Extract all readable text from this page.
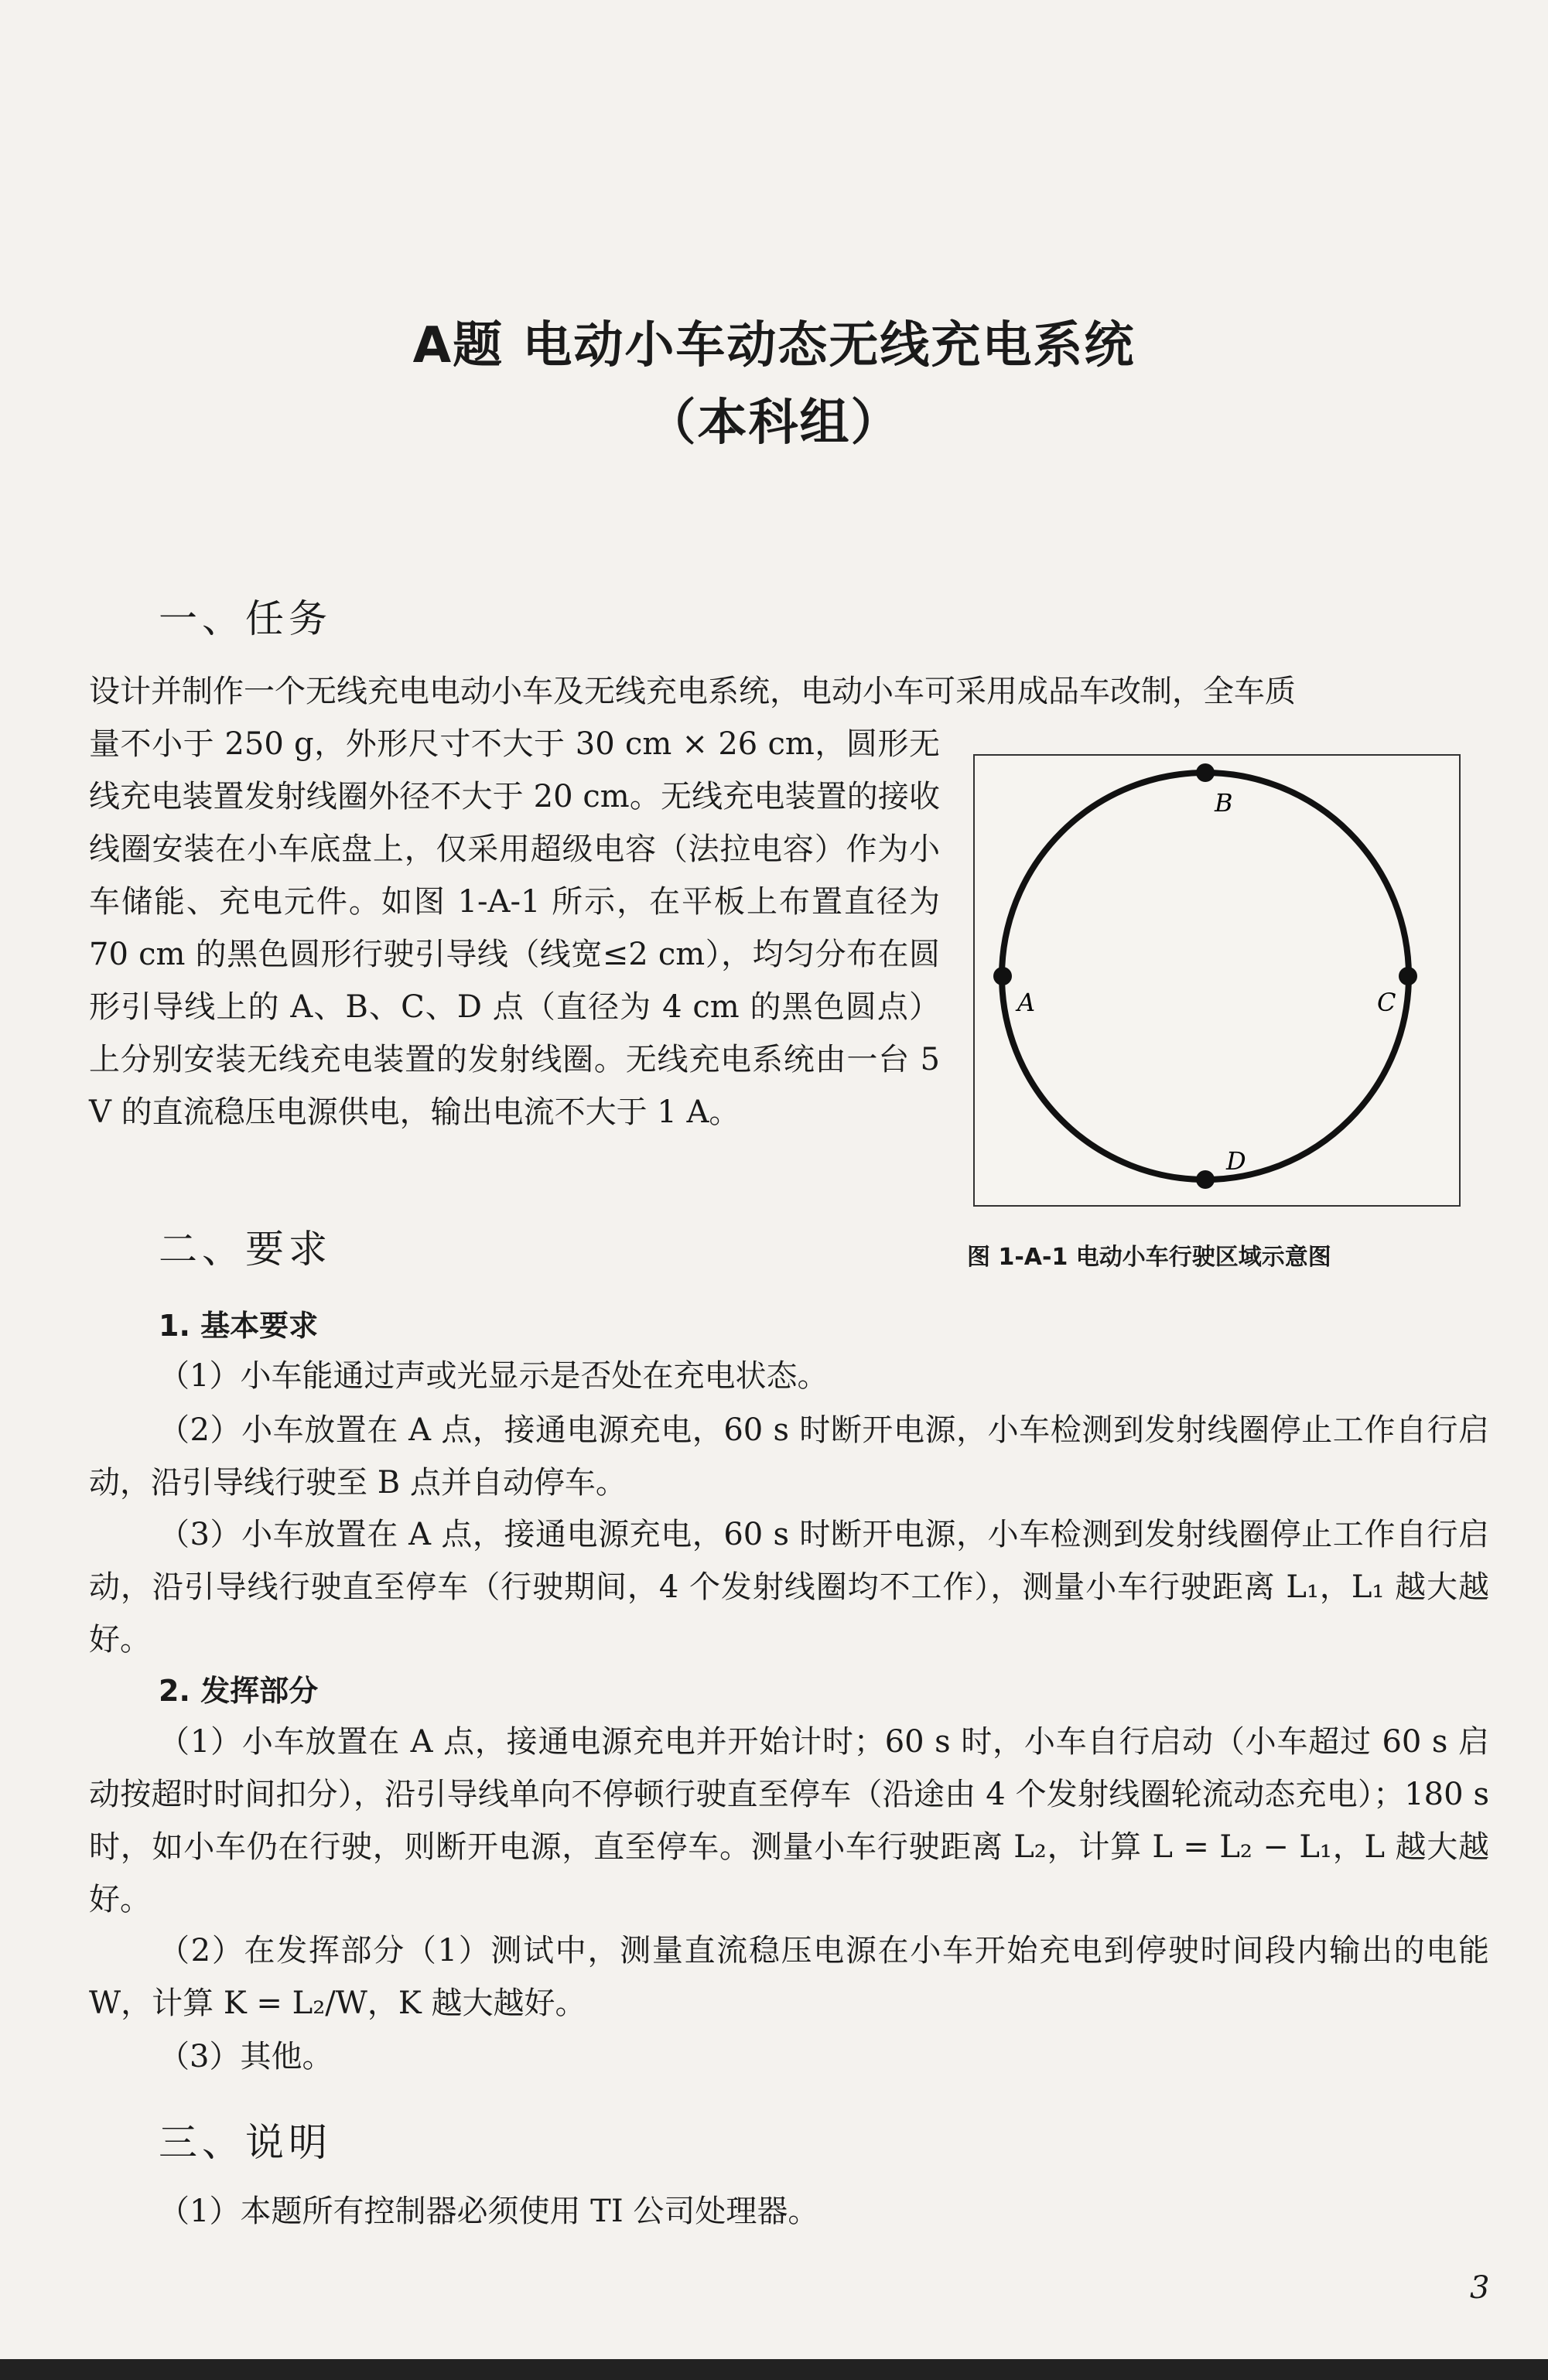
A题 电动小车动态无线充电系统
（本科组）
一、任务
设计并制作一个无线充电电动小车及无线充电系统，电动小车可采用成品车改制，全车质
量不小于 250 g，外形尺寸不大于 30 cm × 26 cm，圆形无线充电装置发射线圈外径不大于 20 cm。无线充电装置的接收线圈安装在小车底盘上，仅采用超级电容（法拉电容）作为小车储能、充电元件。如图 1-A-1 所示，在平板上布置直径为 70 cm 的黑色圆形行驶引导线（线宽≤2 cm），均匀分布在圆形引导线上的 A、B、C、D 点（直径为 4 cm 的黑色圆点）上分别安装无线充电装置的发射线圈。无线充电系统由一台 5 V 的直流稳压电源供电，输出电流不大于 1 A。
B
A	C
D
图 1-A-1 电动小车行驶区域示意图
二、要求
1. 基本要求
（1）小车能通过声或光显示是否处在充电状态。
（2）小车放置在 A 点，接通电源充电，60 s 时断开电源，小车检测到发射线圈停止工作自行启动，沿引导线行驶至 B 点并自动停车。
（3）小车放置在 A 点，接通电源充电，60 s 时断开电源，小车检测到发射线圈停止工作自行启动，沿引导线行驶直至停车（行驶期间，4 个发射线圈均不工作），测量小车行驶距离 L₁，L₁ 越大越好。
2. 发挥部分
（1）小车放置在 A 点，接通电源充电并开始计时；60 s 时，小车自行启动（小车超过 60 s 启动按超时时间扣分），沿引导线单向不停顿行驶直至停车（沿途由 4 个发射线圈轮流动态充电）；180 s 时，如小车仍在行驶，则断开电源，直至停车。测量小车行驶距离 L₂，计算 L = L₂ − L₁，L 越大越好。
（2）在发挥部分（1）测试中，测量直流稳压电源在小车开始充电到停驶时间段内输出的电能 W，计算 K = L₂/W，K 越大越好。
（3）其他。
三、说明
（1）本题所有控制器必须使用 TI 公司处理器。
3
